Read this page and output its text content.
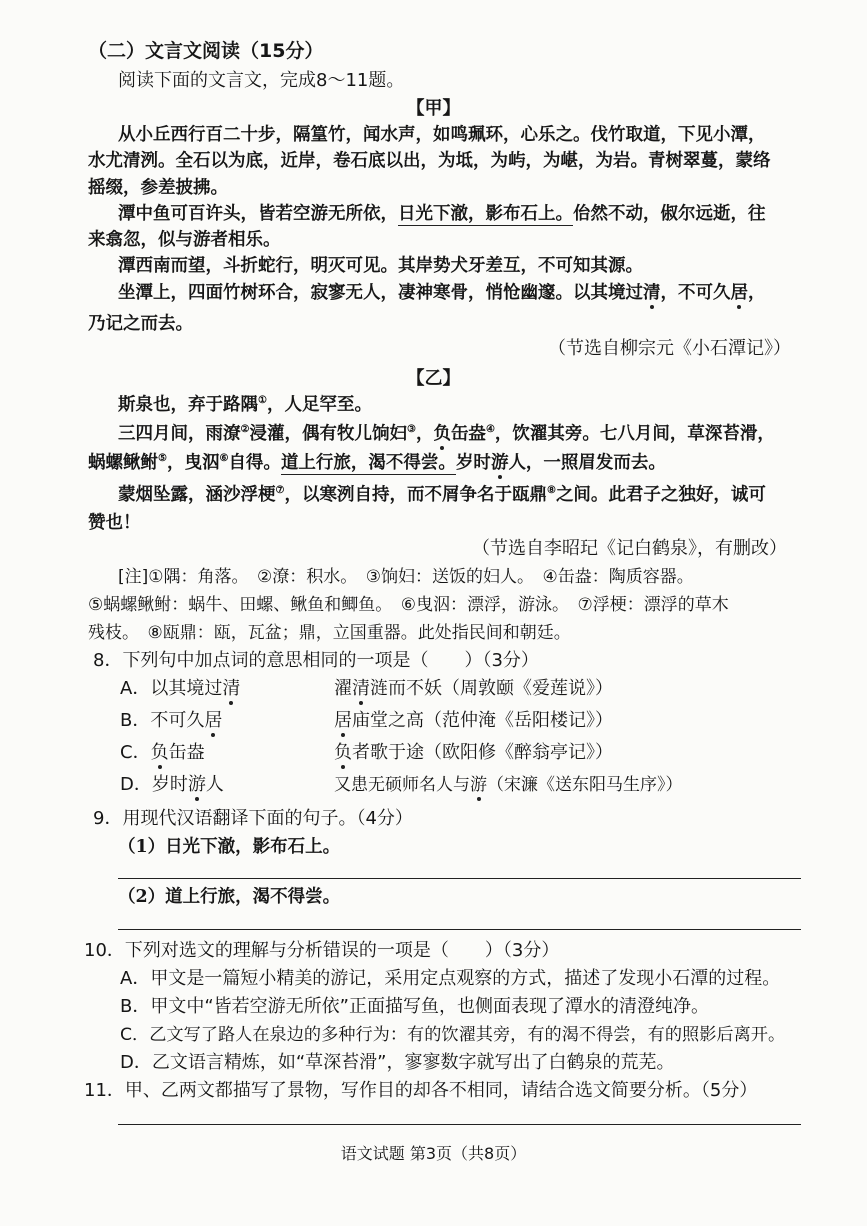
（二）文言文阅读（15分）
阅读下面的文言文，完成8～11题。
【甲】
从小丘西行百二十步，隔篁竹，闻水声，如鸣珮环，心乐之。伐竹取道，下见小潭，
水尤清洌。全石以为底，近岸，卷石底以出，为坻，为屿，为嵁，为岩。青树翠蔓，蒙络
摇缀，参差披拂。
潭中鱼可百许头，皆若空游无所依，日光下澈，影布石上。佁然不动，俶尔远逝，往
来翕忽，似与游者相乐。
潭西南而望，斗折蛇行，明灭可见。其岸势犬牙差互，不可知其源。
坐潭上，四面竹树环合，寂寥无人，凄神寒骨，悄怆幽邃。以其境过清，不可久居，
乃记之而去。
（节选自柳宗元《小石潭记》）
【乙】
斯泉也，弃于路隅①，人足罕至。
三四月间，雨潦②浸灌，偶有牧儿饷妇③，负缶盎④，饮濯其旁。七八月间，草深苔滑，
蜗螺鳅鲋⑤，曳泅⑥自得。道上行旅，渴不得尝。岁时游人，一照眉发而去。
蒙烟坠露，涵沙浮梗⑦，以寒洌自持，而不屑争名于瓯鼎⑧之间。此君子之独好，诚可
赞也！
（节选自李昭玘《记白鹤泉》，有删改）
[注]①隅：角落。　②潦：积水。　③饷妇：送饭的妇人。　④缶盎：陶质容器。
⑤蜗螺鳅鲋：蜗牛、田螺、鳅鱼和鲫鱼。　⑥曳泅：漂浮，游泳。　⑦浮梗：漂浮的草木
残枝。　⑧瓯鼎：瓯，瓦盆；鼎，立国重器。此处指民间和朝廷。
8．下列句中加点词的意思相同的一项是（　　）（3分）
A．以其境过清	濯清涟而不妖（周敦颐《爱莲说》）
B．不可久居	居庙堂之高（范仲淹《岳阳楼记》）
C．负缶盎	负者歌于途（欧阳修《醉翁亭记》）
D．岁时游人	又患无硕师名人与游（宋濂《送东阳马生序》）
9．用现代汉语翻译下面的句子。（4分）
（1）日光下澈，影布石上。
（2）道上行旅，渴不得尝。
10．下列对选文的理解与分析错误的一项是（　　）（3分）
A．甲文是一篇短小精美的游记，采用定点观察的方式，描述了发现小石潭的过程。
B．甲文中“皆若空游无所依”正面描写鱼，也侧面表现了潭水的清澄纯净。
C．乙文写了路人在泉边的多种行为：有的饮濯其旁，有的渴不得尝，有的照影后离开。
D．乙文语言精炼，如“草深苔滑”，寥寥数字就写出了白鹤泉的荒芜。
11．甲、乙两文都描写了景物，写作目的却各不相同，请结合选文简要分析。（5分）
语文试题 第3页（共8页）
